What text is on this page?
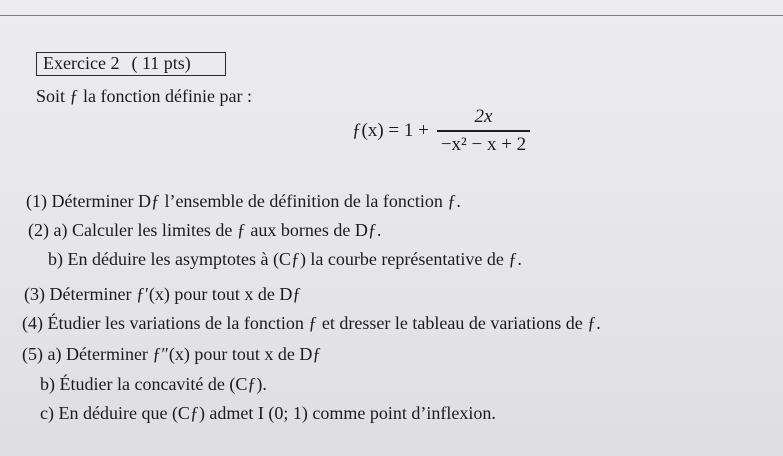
Exercice 2 ( 11 pts)
Soit ƒ la fonction définie par :
ƒ(x) = $1 + \frac{2x}{\text{−x² − x + 2}}$
(1) Déterminer Dƒ l’ensemble de définition de la fonction ƒ.
(2) a) Calculer les limites de ƒ aux bornes de Dƒ.
b) En déduire les asymptotes à (Cƒ) la courbe représentative de ƒ.
(3) Déterminer ƒ′(x) pour tout x de Dƒ
(4) Étudier les variations de la fonction ƒ et dresser le tableau de variations de ƒ.
(5) a) Déterminer ƒ″(x) pour tout x de Dƒ
b) Étudier la concavité de (Cƒ).
c) En déduire que (Cƒ) admet I (0; 1) comme point d’inflexion.
